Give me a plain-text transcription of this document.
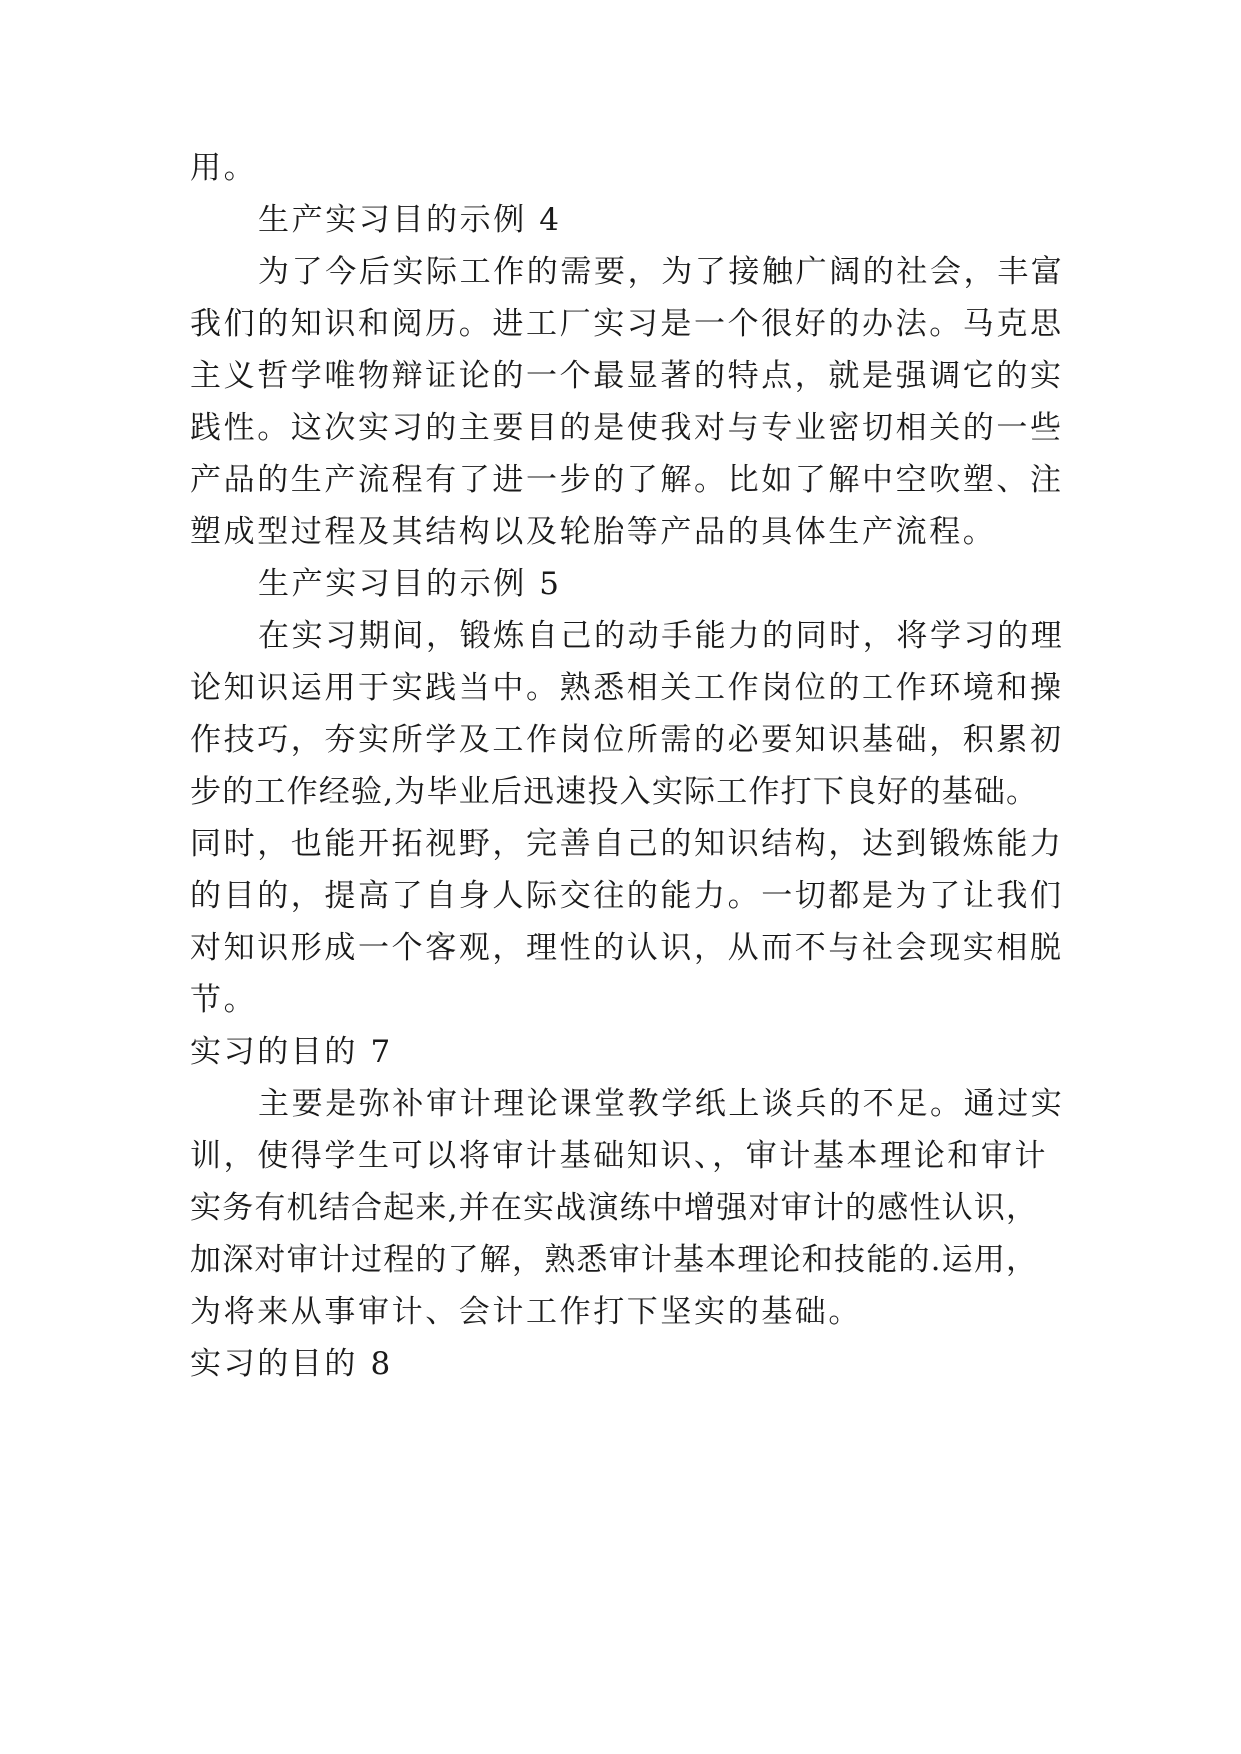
用。
生产实习目的示例 4
为了今后实际工作的需要，为了接触广阔的社会，丰富
我们的知识和阅历。进工厂实习是一个很好的办法。马克思
主义哲学唯物辩证论的一个最显著的特点，就是强调它的实
践性。这次实习的主要目的是使我对与专业密切相关的一些
产品的生产流程有了进一步的了解。比如了解中空吹塑、注
塑成型过程及其结构以及轮胎等产品的具体生产流程。
生产实习目的示例 5
在实习期间，锻炼自己的动手能力的同时，将学习的理
论知识运用于实践当中。熟悉相关工作岗位的工作环境和操
作技巧，夯实所学及工作岗位所需的必要知识基础，积累初
步的工作经验,为毕业后迅速投入实际工作打下良好的基础。
同时，也能开拓视野，完善自己的知识结构，达到锻炼能力
的目的，提高了自身人际交往的能力。一切都是为了让我们
对知识形成一个客观，理性的认识，从而不与社会现实相脱
节。
实习的目的 7
主要是弥补审计理论课堂教学纸上谈兵的不足。通过实
训，使得学生可以将审计基础知识、，审计基本理论和审计
实务有机结合起来,并在实战演练中增强对审计的感性认识，
加深对审计过程的了解，熟悉审计基本理论和技能的.运用，
为将来从事审计、会计工作打下坚实的基础。
实习的目的 8
